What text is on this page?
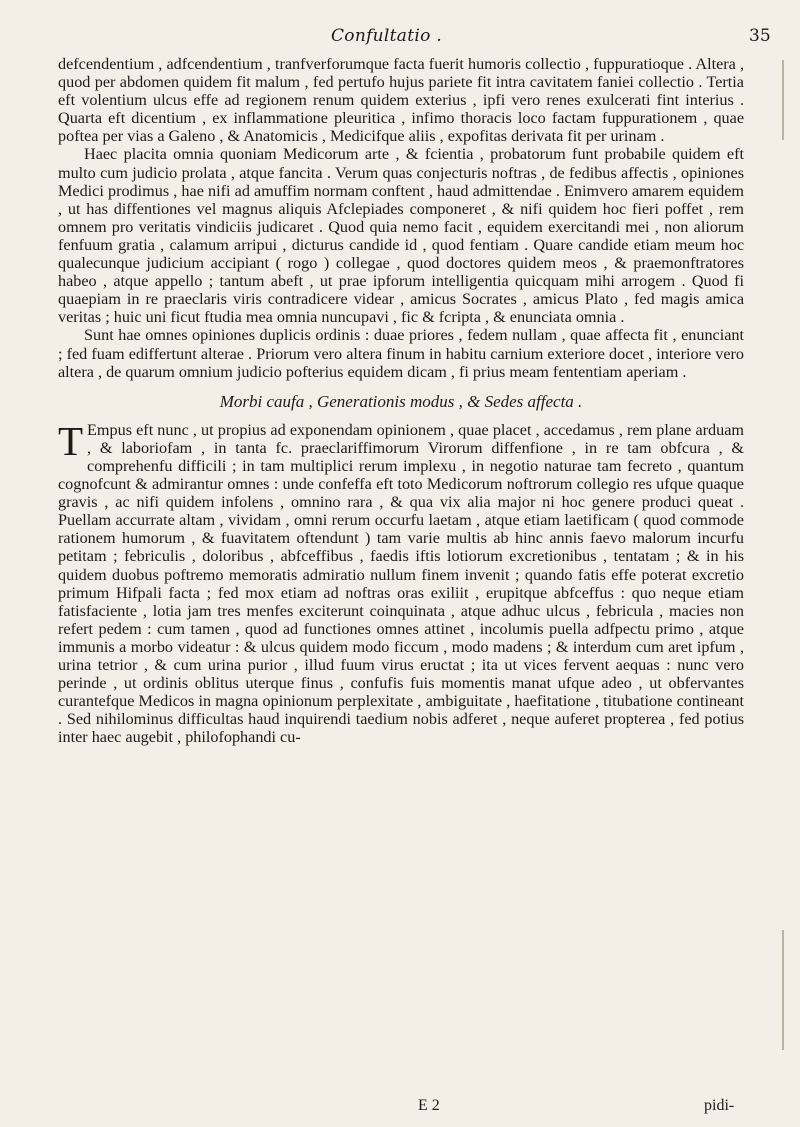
Confultatio .	35

defcendentium , adfcendentium , tranfverforumque facta fuerit humoris collectio , fuppuratioque . Altera , quod per abdomen quidem fit malum , fed pertufo hujus pariete fit intra cavitatem faniei collectio . Tertia eft volentium ulcus effe ad regionem renum quidem exterius , ipfi vero renes exulcerati fint interius . Quarta eft dicentium , ex inflammatione pleuritica , infimo thoracis loco factam fuppurationem , quae poftea per vias a Galeno , & Anatomicis , Medicifque aliis , expofitas derivata fit per urinam .

Haec placita omnia quoniam Medicorum arte , & fcientia , probatorum funt probabile quidem eft multo cum judicio prolata , atque fancita . Verum quas conjecturis noftras , de fedibus affectis , opiniones Medici prodimus , hae nifi ad amuffim normam conftent , haud admittendae . Enimvero amarem equidem , ut has diffentiones vel magnus aliquis Afclepiades componeret , & nifi quidem hoc fieri poffet , rem omnem pro veritatis vindiciis judicaret . Quod quia nemo facit , equidem exercitandi mei , non aliorum fenfuum gratia , calamum arripui , dicturus candide id , quod fentiam . Quare candide etiam meum hoc qualecunque judicium accipiant ( rogo ) collegae , quod doctores quidem meos , & praemonftratores habeo , atque appello ; tantum abeft , ut prae ipforum intelligentia quicquam mihi arrogem . Quod fi quaepiam in re praeclaris viris contradicere videar , amicus Socrates , amicus Plato , fed magis amica veritas ; huic uni ficut ftudia mea omnia nuncupavi , fic & fcripta , & enunciata omnia .

Sunt hae omnes opiniones duplicis ordinis : duae priores , fedem nullam , quae affecta fit , enunciant ; fed fuam ediffertunt alterae . Priorum vero altera finum in habitu carnium exteriore docet , interiore vero altera , de quarum omnium judicio pofterius equidem dicam , fi prius meam fententiam aperiam .

Morbi caufa , Generationis modus , & Sedes affecta .

T Empus eft nunc , ut propius ad exponendam opinionem , quae placet , accedamus , rem plane arduam , & laboriofam , in tanta fc. praeclariffimorum Virorum diffenfione , in re tam obfcura , & comprehenfu difficili ; in tam multiplici rerum implexu , in negotio naturae tam fecreto , quantum cognofcunt & admirantur omnes : unde confeffa eft toto Medicorum noftrorum collegio res ufque quaque gravis , ac nifi quidem infolens , omnino rara , & qua vix alia major ni hoc genere produci queat . Puellam accurrate altam , vividam , omni rerum occurfu laetam , atque etiam laetificam ( quod commode rationem humorum , & fuavitatem oftendunt ) tam varie multis ab hinc annis faevo malorum incurfu petitam ; febriculis , doloribus , abfceffibus , faedis iftis lotiorum excretionibus , tentatam ; & in his quidem duobus poftremo memoratis admiratio nullum finem invenit ; quando fatis effe poterat excretio primum Hifpali facta ; fed mox etiam ad noftras oras exiliit , erupitque abfceffus : quo neque etiam fatisfaciente , lotia jam tres menfes exciterunt coinquinata , atque adhuc ulcus , febricula , macies non refert pedem : cum tamen , quod ad functiones omnes attinet , incolumis puella adfpectu primo , atque immunis a morbo videatur : & ulcus quidem modo ficcum , modo madens ; & interdum cum aret ipfum , urina tetrior , & cum urina purior , illud fuum virus eructat ; ita ut vices fervent aequas : nunc vero perinde , ut ordinis oblitus uterque finus , confufis fuis momentis manat ufque adeo , ut obfervantes curantefque Medicos in magna opinionum perplexitate , ambiguitate , haefitatione , titubatione contineant . Sed nihilominus difficultas haud inquirendi taedium nobis adferet , neque auferet propterea , fed potius inter haec augebit , philofophandi cu-

E 2	pidi-
